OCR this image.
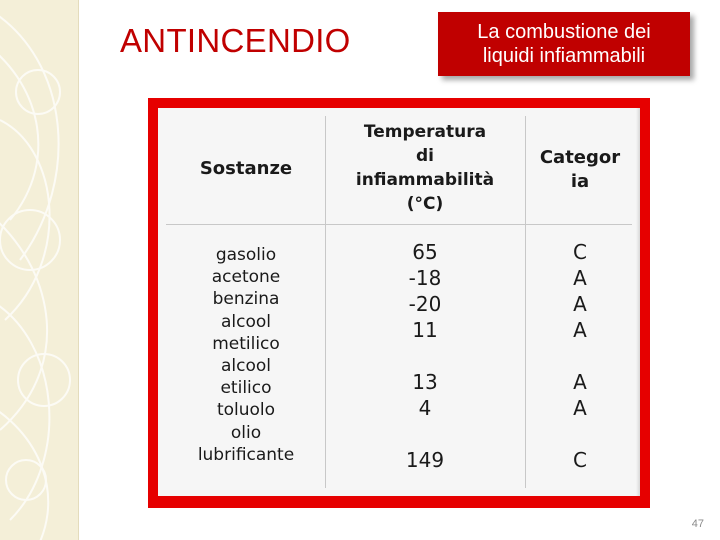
ANTINCENDIO	La combustione dei
liquidi infiammabili
Sostanze
Temperatura
di
infiammabilità
(°C)
Categor
ia
gasolio
acetone
benzina
alcool
metilico
alcool
etilico
toluolo
olio
lubrificante
65
-18
-20
11
13
4
149
C
A
A
A
A
A
C
47
